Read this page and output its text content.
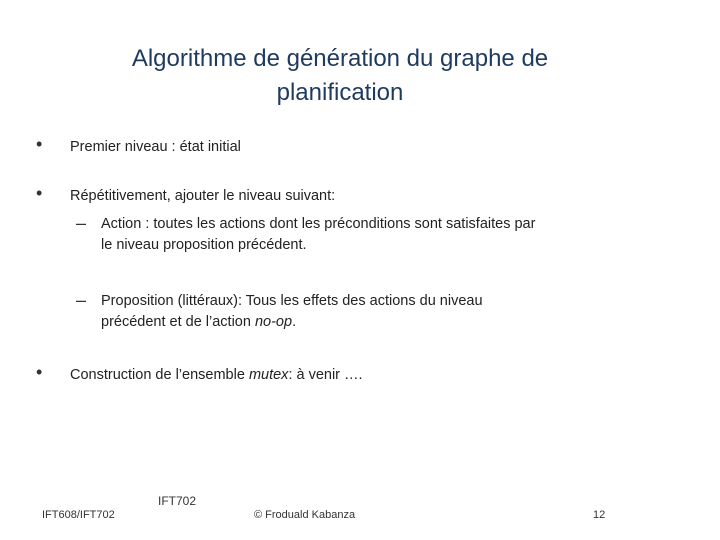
Algorithme de génération du graphe de planification
• Premier niveau : état initial
• Répétitivement, ajouter le niveau suivant:
– Action : toutes les actions dont les préconditions sont satisfaites par
le niveau proposition précédent.
– Proposition (littéraux): Tous les effets des actions du niveau
précédent et de l’action no-op.
• Construction de l’ensemble mutex: à venir ….
IFT608/IFT702
IFT702
© Froduald Kabanza	12
